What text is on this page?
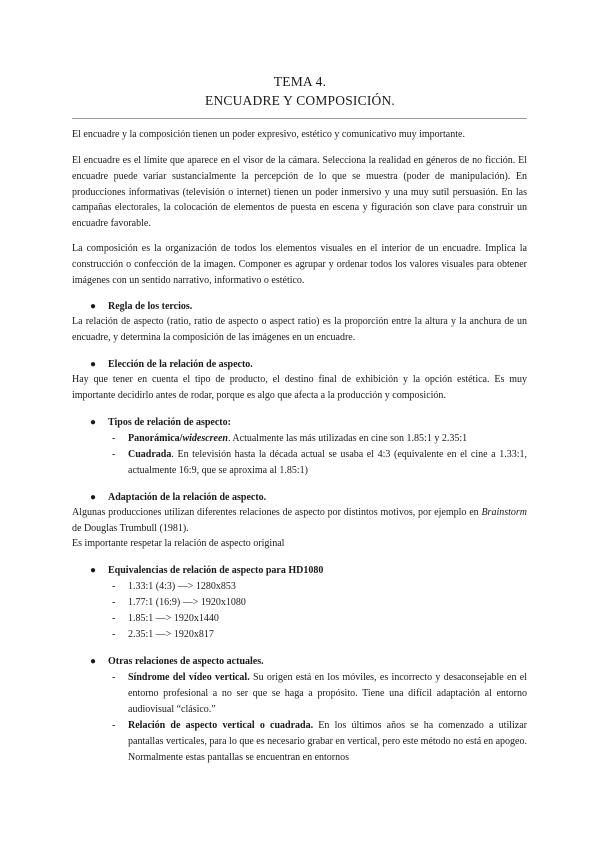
TEMA 4.
ENCUADRE Y COMPOSICIÓN.
El encuadre y la composición tienen un poder expresivo, estético y comunicativo muy importante.
El encuadre es el límite que aparece en el visor de la cámara. Selecciona la realidad en géneros de no ficción. El encuadre puede variar sustancialmente la percepción de lo que se muestra (poder de manipulación). En producciones informativas (televisión o internet) tienen un poder inmersivo y una muy sutil persuasión. En las campañas electorales, la colocación de elementos de puesta en escena y figuración son clave para construir un encuadre favorable.
La composición es la organización de todos los elementos visuales en el interior de un encuadre. Implica la construcción o confección de la imagen. Componer es agrupar y ordenar todos los valores visuales para obtener imágenes con un sentido narrativo, informativo o estético.
● Regla de los tercios.
La relación de aspecto (ratio, ratio de aspecto o aspect ratio) es la proporción entre la altura y la anchura de un encuadre, y determina la composición de las imágenes en un encuadre.
● Elección de la relación de aspecto.
Hay que tener en cuenta el tipo de producto, el destino final de exhibición y la opción estética. Es muy importante decidirlo antes de rodar, porque es algo que afecta a la producción y composición.
● Tipos de relación de aspecto:
- Panorámica/widescreen. Actualmente las más utilizadas en cine son 1.85:1 y 2.35:1
- Cuadrada. En televisión hasta la década actual se usaba el 4:3 (equivalente en el cine a 1.33:1, actualmente 16:9, que se aproxima al 1.85:1)
● Adaptación de la relación de aspecto.
Algunas producciones utilizan diferentes relaciones de aspecto por distintos motivos, por ejemplo en Brainstorm de Douglas Trumbull (1981).
Es importante respetar la relación de aspecto original
● Equivalencias de relación de aspecto para HD1080
- 1.33:1 (4:3) —> 1280x853
- 1.77:1 (16:9) —> 1920x1080
- 1.85:1 —> 1920x1440
- 2.35:1 —> 1920x817
● Otras relaciones de aspecto actuales.
- Síndrome del vídeo vertical. Su origen está en los móviles, es incorrecto y desaconsejable en el entorno profesional a no ser que se haga a propósito. Tiene una difícil adaptación al entorno audiovisual “clásico.”
- Relación de aspecto vertical o cuadrada. En los últimos años se ha comenzado a utilizar pantallas verticales, para lo que es necesario grabar en vertical, pero este método no está en apogeo. Normalmente estas pantallas se encuentran en entornos
